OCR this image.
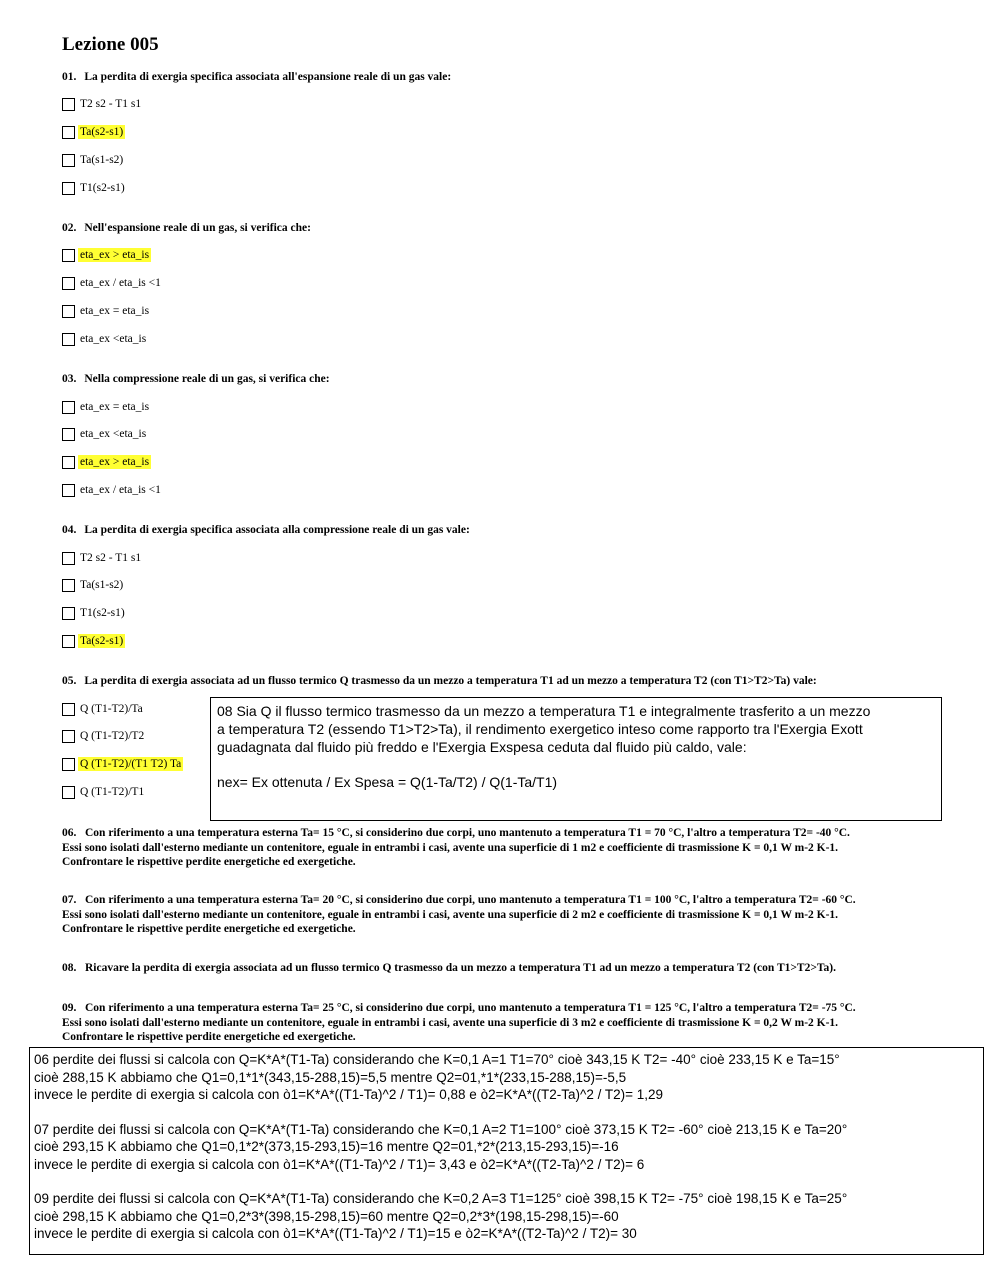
Lezione 005
01. La perdita di exergia specifica associata all'espansione reale di un gas vale:
T2 s2 - T1 s1
Ta(s2-s1)
Ta(s1-s2)
T1(s2-s1)
02. Nell'espansione reale di un gas, si verifica che:
eta_ex > eta_is
eta_ex / eta_is <1
eta_ex = eta_is
eta_ex <eta_is
03. Nella compressione reale di un gas, si verifica che:
eta_ex = eta_is
eta_ex <eta_is
eta_ex > eta_is
eta_ex / eta_is <1
04. La perdita di exergia specifica associata alla compressione reale di un gas vale:
T2 s2 - T1 s1
Ta(s1-s2)
T1(s2-s1)
Ta(s2-s1)
05. La perdita di exergia associata ad un flusso termico Q trasmesso da un mezzo a temperatura T1 ad un mezzo a temperatura T2 (con T1>T2>Ta) vale:
Q (T1-T2)/Ta
Q (T1-T2)/T2
Q (T1-T2)/(T1 T2) Ta
Q (T1-T2)/T1

08 Sia Q il flusso termico trasmesso da un mezzo a temperatura T1 e integralmente trasferito a un mezzo

a temperatura T2 (essendo T1>T2>Ta), il rendimento exergetico inteso come rapporto tra l'Exergia Exott

guadagnata dal fluido più freddo e l'Exergia Exspesa ceduta dal fluido più caldo, vale:

nex= Ex ottenuta / Ex Spesa = Q(1-Ta/T2) / Q(1-Ta/T1)

06. Con riferimento a una temperatura esterna Ta= 15 °C, si considerino due corpi, uno mantenuto a temperatura T1 = 70 °C, l'altro a temperatura T2= -40 °C.
Essi sono isolati dall'esterno mediante un contenitore, eguale in entrambi i casi, avente una superficie di 1 m2 e coefficiente di trasmissione K = 0,1 W m-2 K-1.
Confrontare le rispettive perdite energetiche ed exergetiche.
07. Con riferimento a una temperatura esterna Ta= 20 °C, si considerino due corpi, uno mantenuto a temperatura T1 = 100 °C, l'altro a temperatura T2= -60 °C.
Essi sono isolati dall'esterno mediante un contenitore, eguale in entrambi i casi, avente una superficie di 2 m2 e coefficiente di trasmissione K = 0,1 W m-2 K-1.
Confrontare le rispettive perdite energetiche ed exergetiche.
08. Ricavare la perdita di exergia associata ad un flusso termico Q trasmesso da un mezzo a temperatura T1 ad un mezzo a temperatura T2 (con T1>T2>Ta).
09. Con riferimento a una temperatura esterna Ta= 25 °C, si considerino due corpi, uno mantenuto a temperatura T1 = 125 °C, l'altro a temperatura T2= -75 °C.
Essi sono isolati dall'esterno mediante un contenitore, eguale in entrambi i casi, avente una superficie di 3 m2 e coefficiente di trasmissione K = 0,2 W m-2 K-1.
Confrontare le rispettive perdite energetiche ed exergetiche.

06 perdite dei flussi si calcola con Q=K*A*(T1-Ta) considerando che K=0,1 A=1 T1=70° cioè 343,15 K T2= -40° cioè 233,15 K e Ta=15°

cioè 288,15 K abbiamo che Q1=0,1*1*(343,15-288,15)=5,5 mentre Q2=01,*1*(233,15-288,15)=-5,5

invece le perdite di exergia si calcola con ò1=K*A*((T1-Ta)^2 / T1)= 0,88 e ò2=K*A*((T2-Ta)^2 / T2)= 1,29

07 perdite dei flussi si calcola con Q=K*A*(T1-Ta) considerando che K=0,1 A=2 T1=100° cioè 373,15 K T2= -60° cioè 213,15 K e Ta=20°

cioè 293,15 K abbiamo che Q1=0,1*2*(373,15-293,15)=16 mentre Q2=01,*2*(213,15-293,15)=-16

invece le perdite di exergia si calcola con ò1=K*A*((T1-Ta)^2 / T1)= 3,43 e ò2=K*A*((T2-Ta)^2 / T2)= 6

09 perdite dei flussi si calcola con Q=K*A*(T1-Ta) considerando che K=0,2 A=3 T1=125° cioè 398,15 K T2= -75° cioè 198,15 K e Ta=25°

cioè 298,15 K abbiamo che Q1=0,2*3*(398,15-298,15)=60 mentre Q2=0,2*3*(198,15-298,15)=-60

invece le perdite di exergia si calcola con ò1=K*A*((T1-Ta)^2 / T1)=15 e ò2=K*A*((T2-Ta)^2 / T2)= 30
